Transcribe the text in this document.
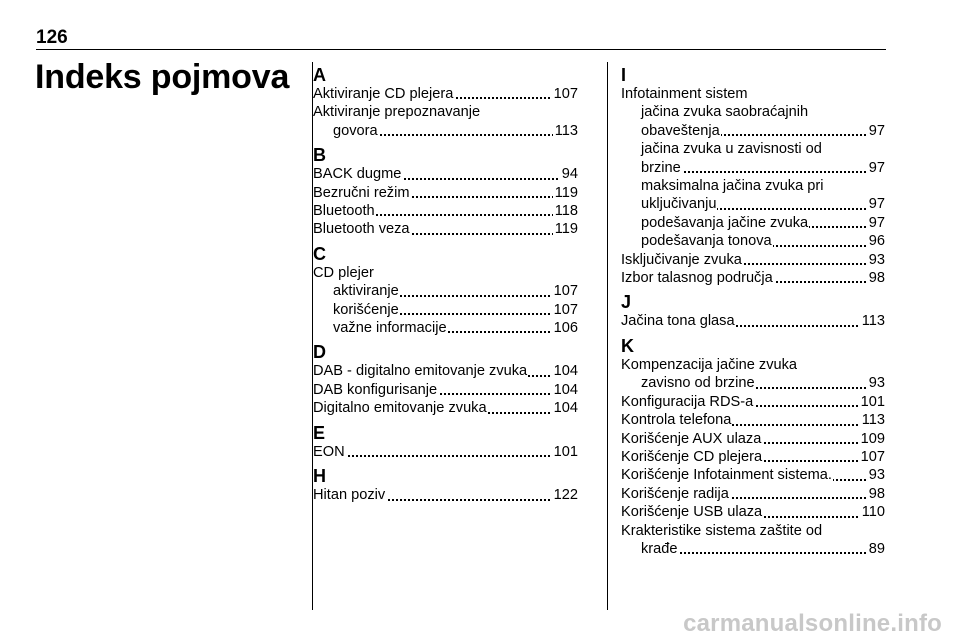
126
Indeks pojmova A
Aktiviranje CD plejera	107
Aktiviranje prepoznavanje
govora	113
B
BACK dugme	94
Bezručni režim	119
Bluetooth	118
Bluetooth veza	119
C
CD plejer
aktiviranje	107
korišćenje	107
važne informacije	106
D
DAB - digitalno emitovanje zvuka 104
DAB konfigurisanje	104
Digitalno emitovanje zvuka	104
E
EON	101
H
Hitan poziv	122
I
Infotainment sistem
jačina zvuka saobraćajnih
obaveštenja	97
jačina zvuka u zavisnosti od
brzine	97
maksimalna jačina zvuka pri
uključivanju	97
podešavanja jačine zvuka	97
podešavanja tonova	96
Isključivanje zvuka	93
Izbor talasnog područja	98
J
Jačina tona glasa	113
K
Kompenzacija jačine zvuka
zavisno od brzine	93
Konfiguracija RDS-a	101
Kontrola telefona	113
Korišćenje AUX ulaza	109
Korišćenje CD plejera	107
Korišćenje Infotainment sistema.	93
Korišćenje radija	98
Korišćenje USB ulaza	110
Krakteristike sistema zaštite od
krađe	89
carmanualsonline.info
